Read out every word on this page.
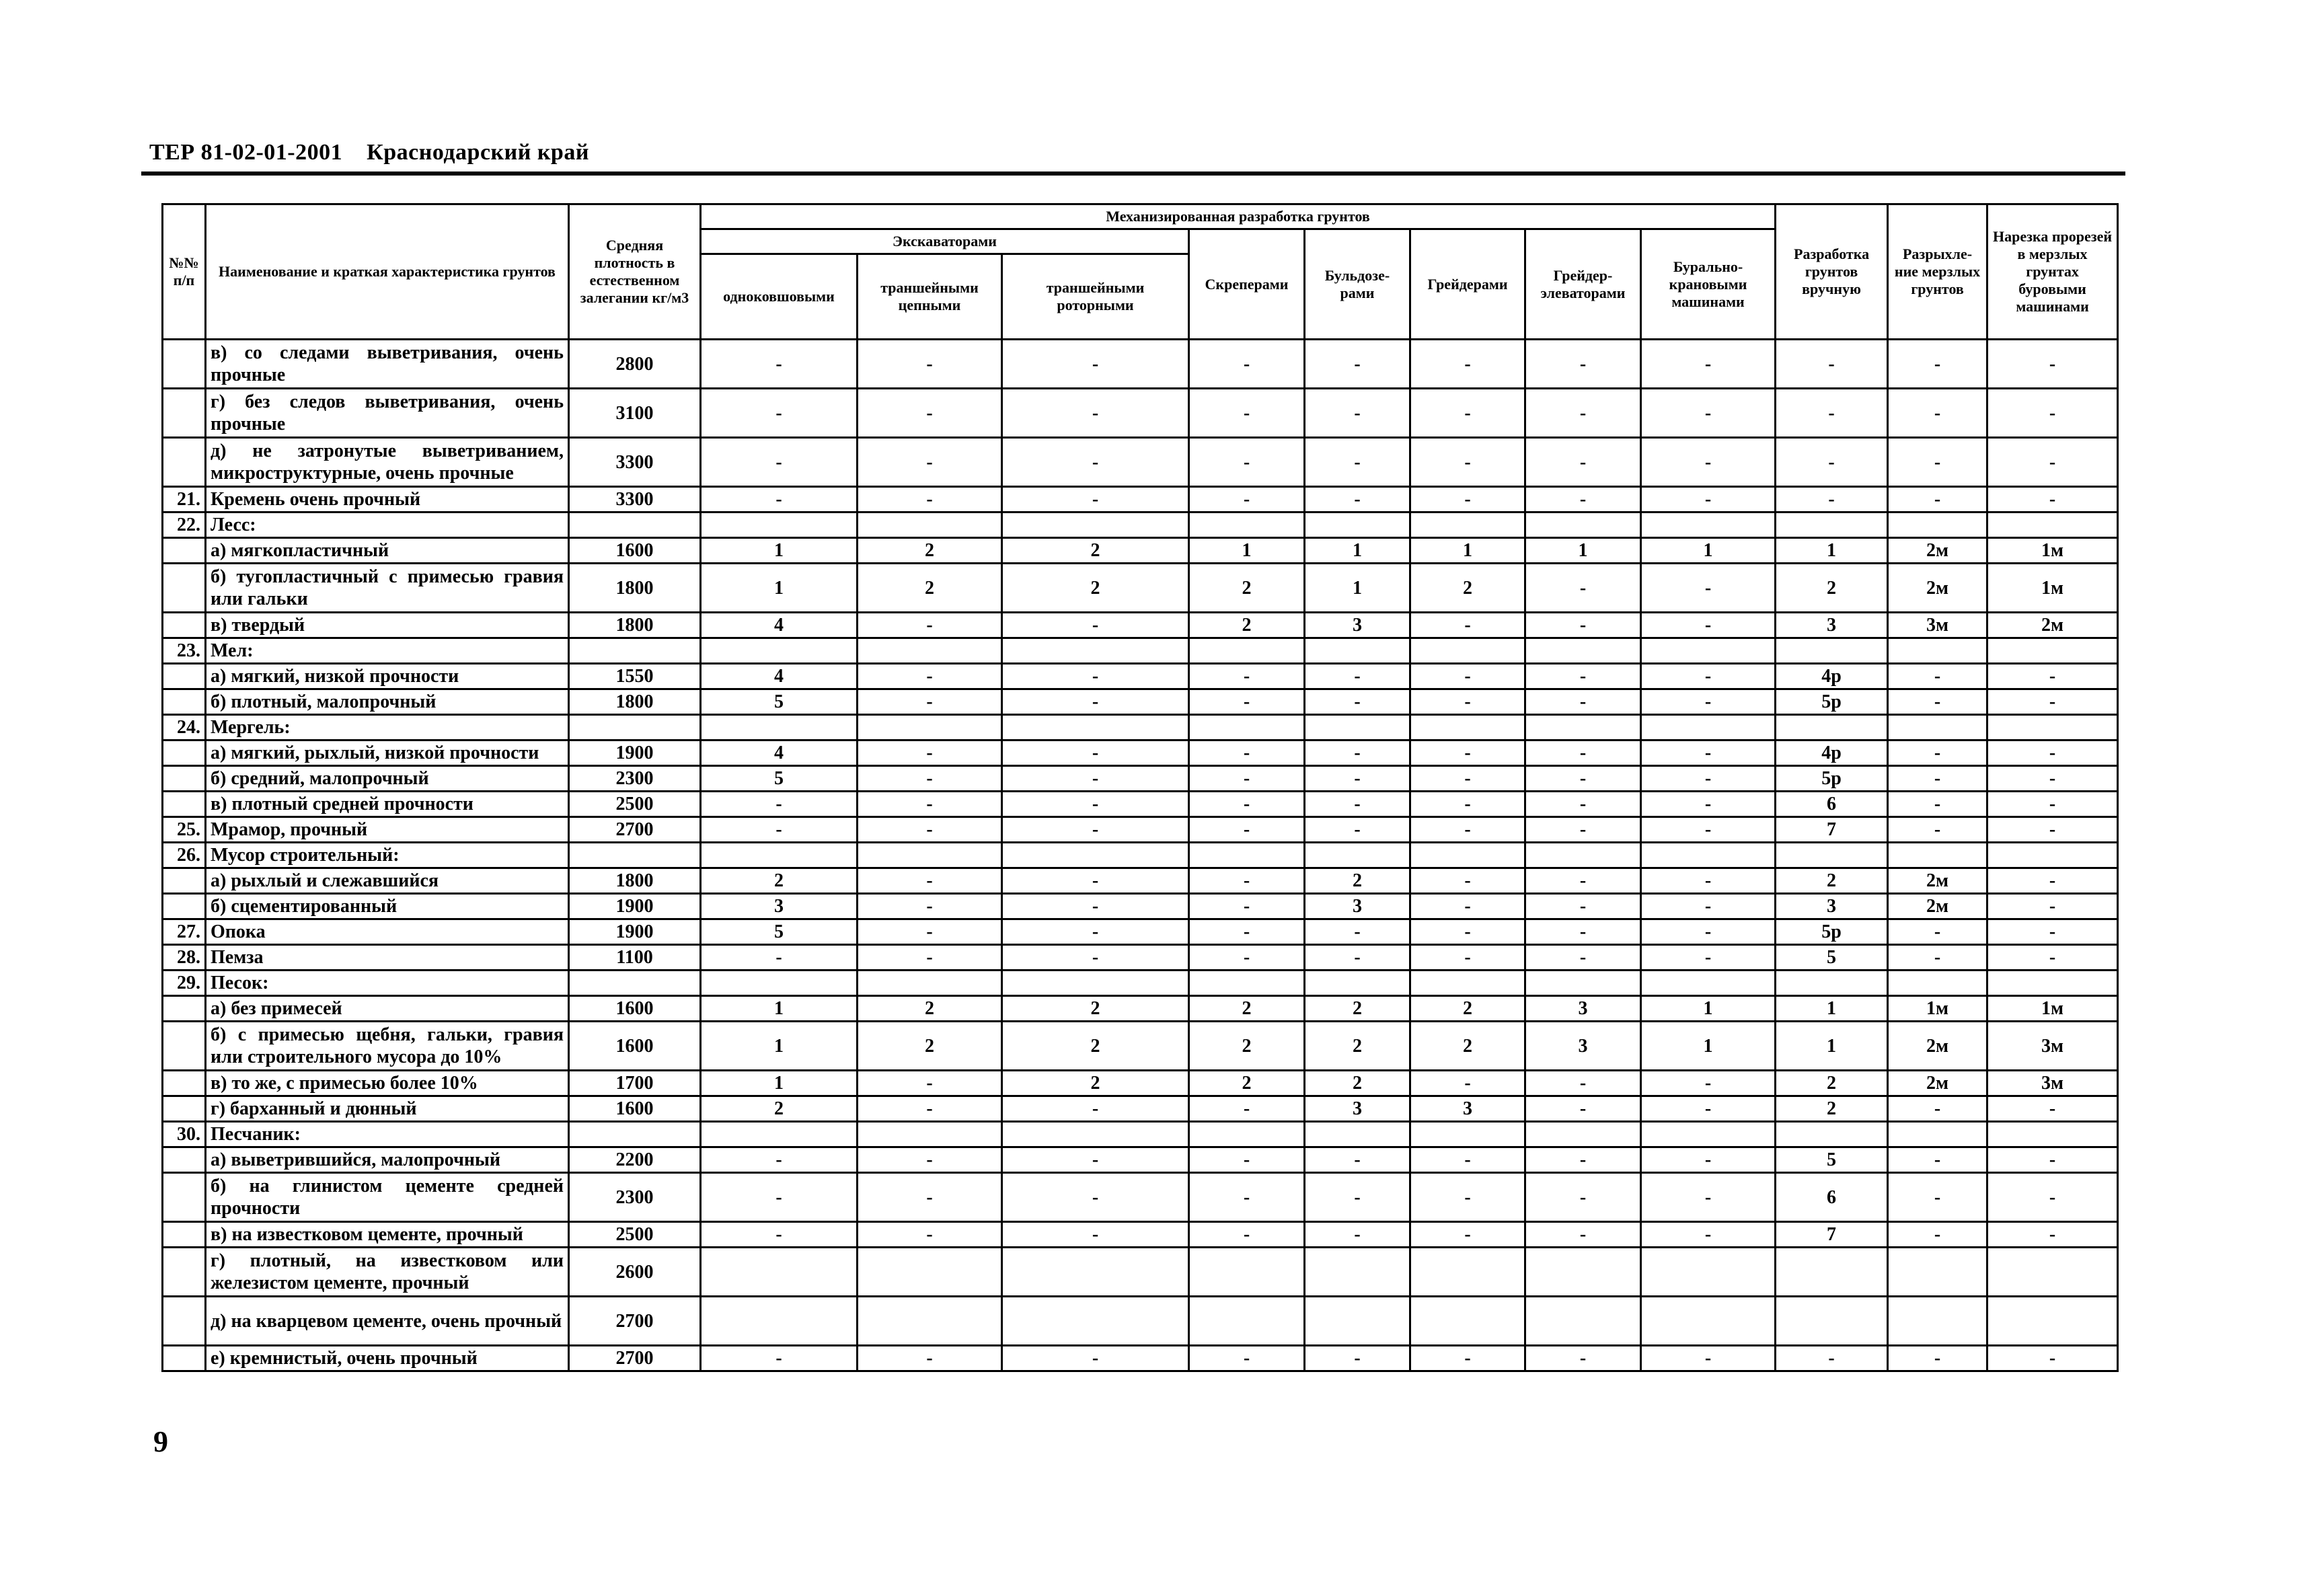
ТЕР 81-02-01-2001 Краснодарский край
№№ п/п	Наименование и краткая характеристика грунтов	Средняя плотность в естественном залегании кг/м3	Механизированная разработка грунтов								Разработка грунтов вручную	Разрыхле-ние мерзлых грунтов	Нарезка прорезей в мерзлых грунтах буровыми машинами
			Экскаваторами			Скреперами	Бульдозе-рами	Грейдерами	Грейдер-элеваторами	Бурально-крановыми машинами			
			одноковшовыми	траншейными цепными	траншейными роторными								
	в) со следами выветривания, очень прочные	2800	-	-	-	-	-	-	-	-	-	-	-
	г) без следов выветривания, очень прочные	3100	-	-	-	-	-	-	-	-	-	-	-
	д) не затронутые выветриванием, микроструктурные, очень прочные	3300	-	-	-	-	-	-	-	-	-	-	-
21.	Кремень очень прочный	3300	-	-	-	-	-	-	-	-	-	-	-
22.	Лесс:												
	а) мягкопластичный	1600	1	2	2	1	1	1	1	1	1	2м	1м
	б) тугопластичный с примесью гравия или гальки	1800	1	2	2	2	1	2	-	-	2	2м	1м
	в) твердый	1800	4	-	-	2	3	-	-	-	3	3м	2м
23.	Мел:												
	а) мягкий, низкой прочности	1550	4	-	-	-	-	-	-	-	4р	-	-
	б) плотный, малопрочный	1800	5	-	-	-	-	-	-	-	5р	-	-
24.	Мергель:												
	а) мягкий, рыхлый, низкой прочности	1900	4	-	-	-	-	-	-	-	4р	-	-
	б) средний, малопрочный	2300	5	-	-	-	-	-	-	-	5р	-	-
	в) плотный средней прочности	2500	-	-	-	-	-	-	-	-	6	-	-
25.	Мрамор, прочный	2700	-	-	-	-	-	-	-	-	7	-	-
26.	Мусор строительный:												
	а) рыхлый и слежавшийся	1800	2	-	-	-	2	-	-	-	2	2м	-
	б) сцементированный	1900	3	-	-	-	3	-	-	-	3	2м	-
27.	Опока	1900	5	-	-	-	-	-	-	-	5р	-	-
28.	Пемза	1100	-	-	-	-	-	-	-	-	5	-	-
29.	Песок:												
	а) без примесей	1600	1	2	2	2	2	2	3	1	1	1м	1м
	б) с примесью щебня, гальки, гравия или строительного мусора до 10%	1600	1	2	2	2	2	2	3	1	1	2м	3м
	в) то же, с примесью более 10%	1700	1	-	2	2	2	-	-	-	2	2м	3м
	г) барханный и дюнный	1600	2	-	-	-	3	3	-	-	2	-	-
30.	Песчаник:												
	а) выветрившийся, малопрочный	2200	-	-	-	-	-	-	-	-	5	-	-
	б) на глинистом цементе средней прочности	2300	-	-	-	-	-	-	-	-	6	-	-
	в) на известковом цементе, прочный	2500	-	-	-	-	-	-	-	-	7	-	-
	г) плотный, на известковом или железистом цементе, прочный	2600											
	д) на кварцевом цементе, очень прочный	2700											
	е) кремнистый, очень прочный	2700	-	-	-	-	-	-	-	-	-	-	-
9
